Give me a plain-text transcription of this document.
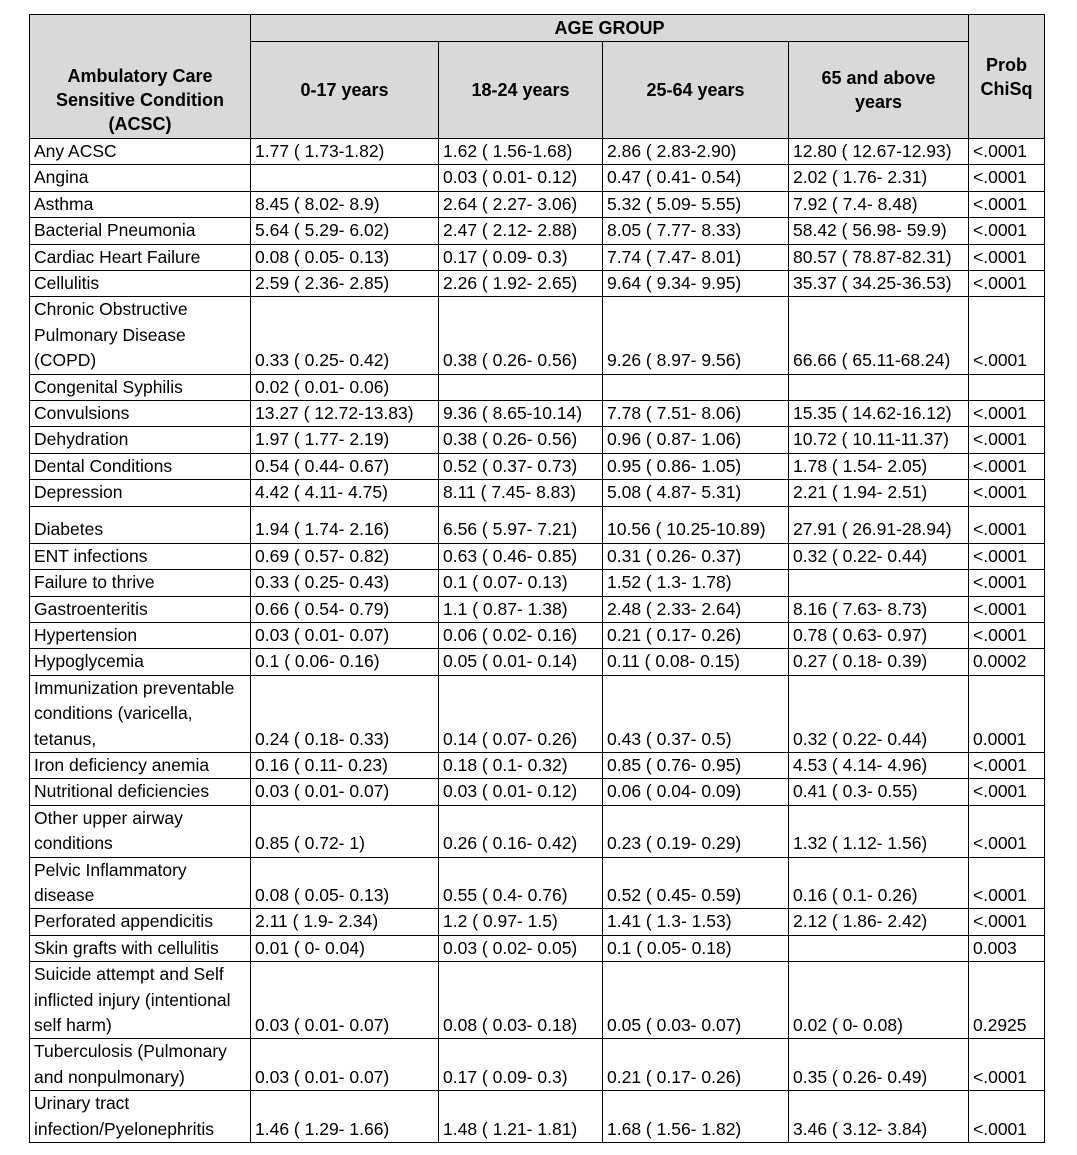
Ambulatory Care Sensitive Condition (ACSC)	AGE GROUP				Prob ChiSq
	0-17 years	18-24 years	25-64 years	65 and above years	
Any ACSC	1.77 ( 1.73-1.82)	1.62 ( 1.56-1.68)	2.86 ( 2.83-2.90)	12.80 ( 12.67-12.93)	<.0001
Angina		0.03 ( 0.01- 0.12)	0.47 ( 0.41- 0.54)	2.02 ( 1.76- 2.31)	<.0001
Asthma	8.45 ( 8.02- 8.9)	2.64 ( 2.27- 3.06)	5.32 ( 5.09- 5.55)	7.92 ( 7.4- 8.48)	<.0001
Bacterial Pneumonia	5.64 ( 5.29- 6.02)	2.47 ( 2.12- 2.88)	8.05 ( 7.77- 8.33)	58.42 ( 56.98- 59.9)	<.0001
Cardiac Heart Failure	0.08 ( 0.05- 0.13)	0.17 ( 0.09- 0.3)	7.74 ( 7.47- 8.01)	80.57 ( 78.87-82.31)	<.0001
Cellulitis	2.59 ( 2.36- 2.85)	2.26 ( 1.92- 2.65)	9.64 ( 9.34- 9.95)	35.37 ( 34.25-36.53)	<.0001
Chronic Obstructive Pulmonary Disease (COPD)	0.33 ( 0.25- 0.42)	0.38 ( 0.26- 0.56)	9.26 ( 8.97- 9.56)	66.66 ( 65.11-68.24)	<.0001
Congenital Syphilis	0.02 ( 0.01- 0.06)				
Convulsions	13.27 ( 12.72-13.83)	9.36 ( 8.65-10.14)	7.78 ( 7.51- 8.06)	15.35 ( 14.62-16.12)	<.0001
Dehydration	1.97 ( 1.77- 2.19)	0.38 ( 0.26- 0.56)	0.96 ( 0.87- 1.06)	10.72 ( 10.11-11.37)	<.0001
Dental Conditions	0.54 ( 0.44- 0.67)	0.52 ( 0.37- 0.73)	0.95 ( 0.86- 1.05)	1.78 ( 1.54- 2.05)	<.0001
Depression	4.42 ( 4.11- 4.75)	8.11 ( 7.45- 8.83)	5.08 ( 4.87- 5.31)	2.21 ( 1.94- 2.51)	<.0001
Diabetes	1.94 ( 1.74- 2.16)	6.56 ( 5.97- 7.21)	10.56 ( 10.25-10.89)	27.91 ( 26.91-28.94)	<.0001
ENT infections	0.69 ( 0.57- 0.82)	0.63 ( 0.46- 0.85)	0.31 ( 0.26- 0.37)	0.32 ( 0.22- 0.44)	<.0001
Failure to thrive	0.33 ( 0.25- 0.43)	0.1 ( 0.07- 0.13)	1.52 ( 1.3- 1.78)		<.0001
Gastroenteritis	0.66 ( 0.54- 0.79)	1.1 ( 0.87- 1.38)	2.48 ( 2.33- 2.64)	8.16 ( 7.63- 8.73)	<.0001
Hypertension	0.03 ( 0.01- 0.07)	0.06 ( 0.02- 0.16)	0.21 ( 0.17- 0.26)	0.78 ( 0.63- 0.97)	<.0001
Hypoglycemia	0.1 ( 0.06- 0.16)	0.05 ( 0.01- 0.14)	0.11 ( 0.08- 0.15)	0.27 ( 0.18- 0.39)	0.0002
Immunization preventable conditions (varicella, tetanus,	0.24 ( 0.18- 0.33)	0.14 ( 0.07- 0.26)	0.43 ( 0.37- 0.5)	0.32 ( 0.22- 0.44)	0.0001
Iron deficiency anemia	0.16 ( 0.11- 0.23)	0.18 ( 0.1- 0.32)	0.85 ( 0.76- 0.95)	4.53 ( 4.14- 4.96)	<.0001
Nutritional deficiencies	0.03 ( 0.01- 0.07)	0.03 ( 0.01- 0.12)	0.06 ( 0.04- 0.09)	0.41 ( 0.3- 0.55)	<.0001
Other upper airway conditions	0.85 ( 0.72- 1)	0.26 ( 0.16- 0.42)	0.23 ( 0.19- 0.29)	1.32 ( 1.12- 1.56)	<.0001
Pelvic Inflammatory disease	0.08 ( 0.05- 0.13)	0.55 ( 0.4- 0.76)	0.52 ( 0.45- 0.59)	0.16 ( 0.1- 0.26)	<.0001
Perforated appendicitis	2.11 ( 1.9- 2.34)	1.2 ( 0.97- 1.5)	1.41 ( 1.3- 1.53)	2.12 ( 1.86- 2.42)	<.0001
Skin grafts with cellulitis	0.01 ( 0- 0.04)	0.03 ( 0.02- 0.05)	0.1 ( 0.05- 0.18)		0.003
Suicide attempt and Self inflicted injury (intentional self harm)	0.03 ( 0.01- 0.07)	0.08 ( 0.03- 0.18)	0.05 ( 0.03- 0.07)	0.02 ( 0- 0.08)	0.2925
Tuberculosis (Pulmonary and nonpulmonary)	0.03 ( 0.01- 0.07)	0.17 ( 0.09- 0.3)	0.21 ( 0.17- 0.26)	0.35 ( 0.26- 0.49)	<.0001
Urinary tract infection/Pyelonephritis	1.46 ( 1.29- 1.66)	1.48 ( 1.21- 1.81)	1.68 ( 1.56- 1.82)	3.46 ( 3.12- 3.84)	<.0001
